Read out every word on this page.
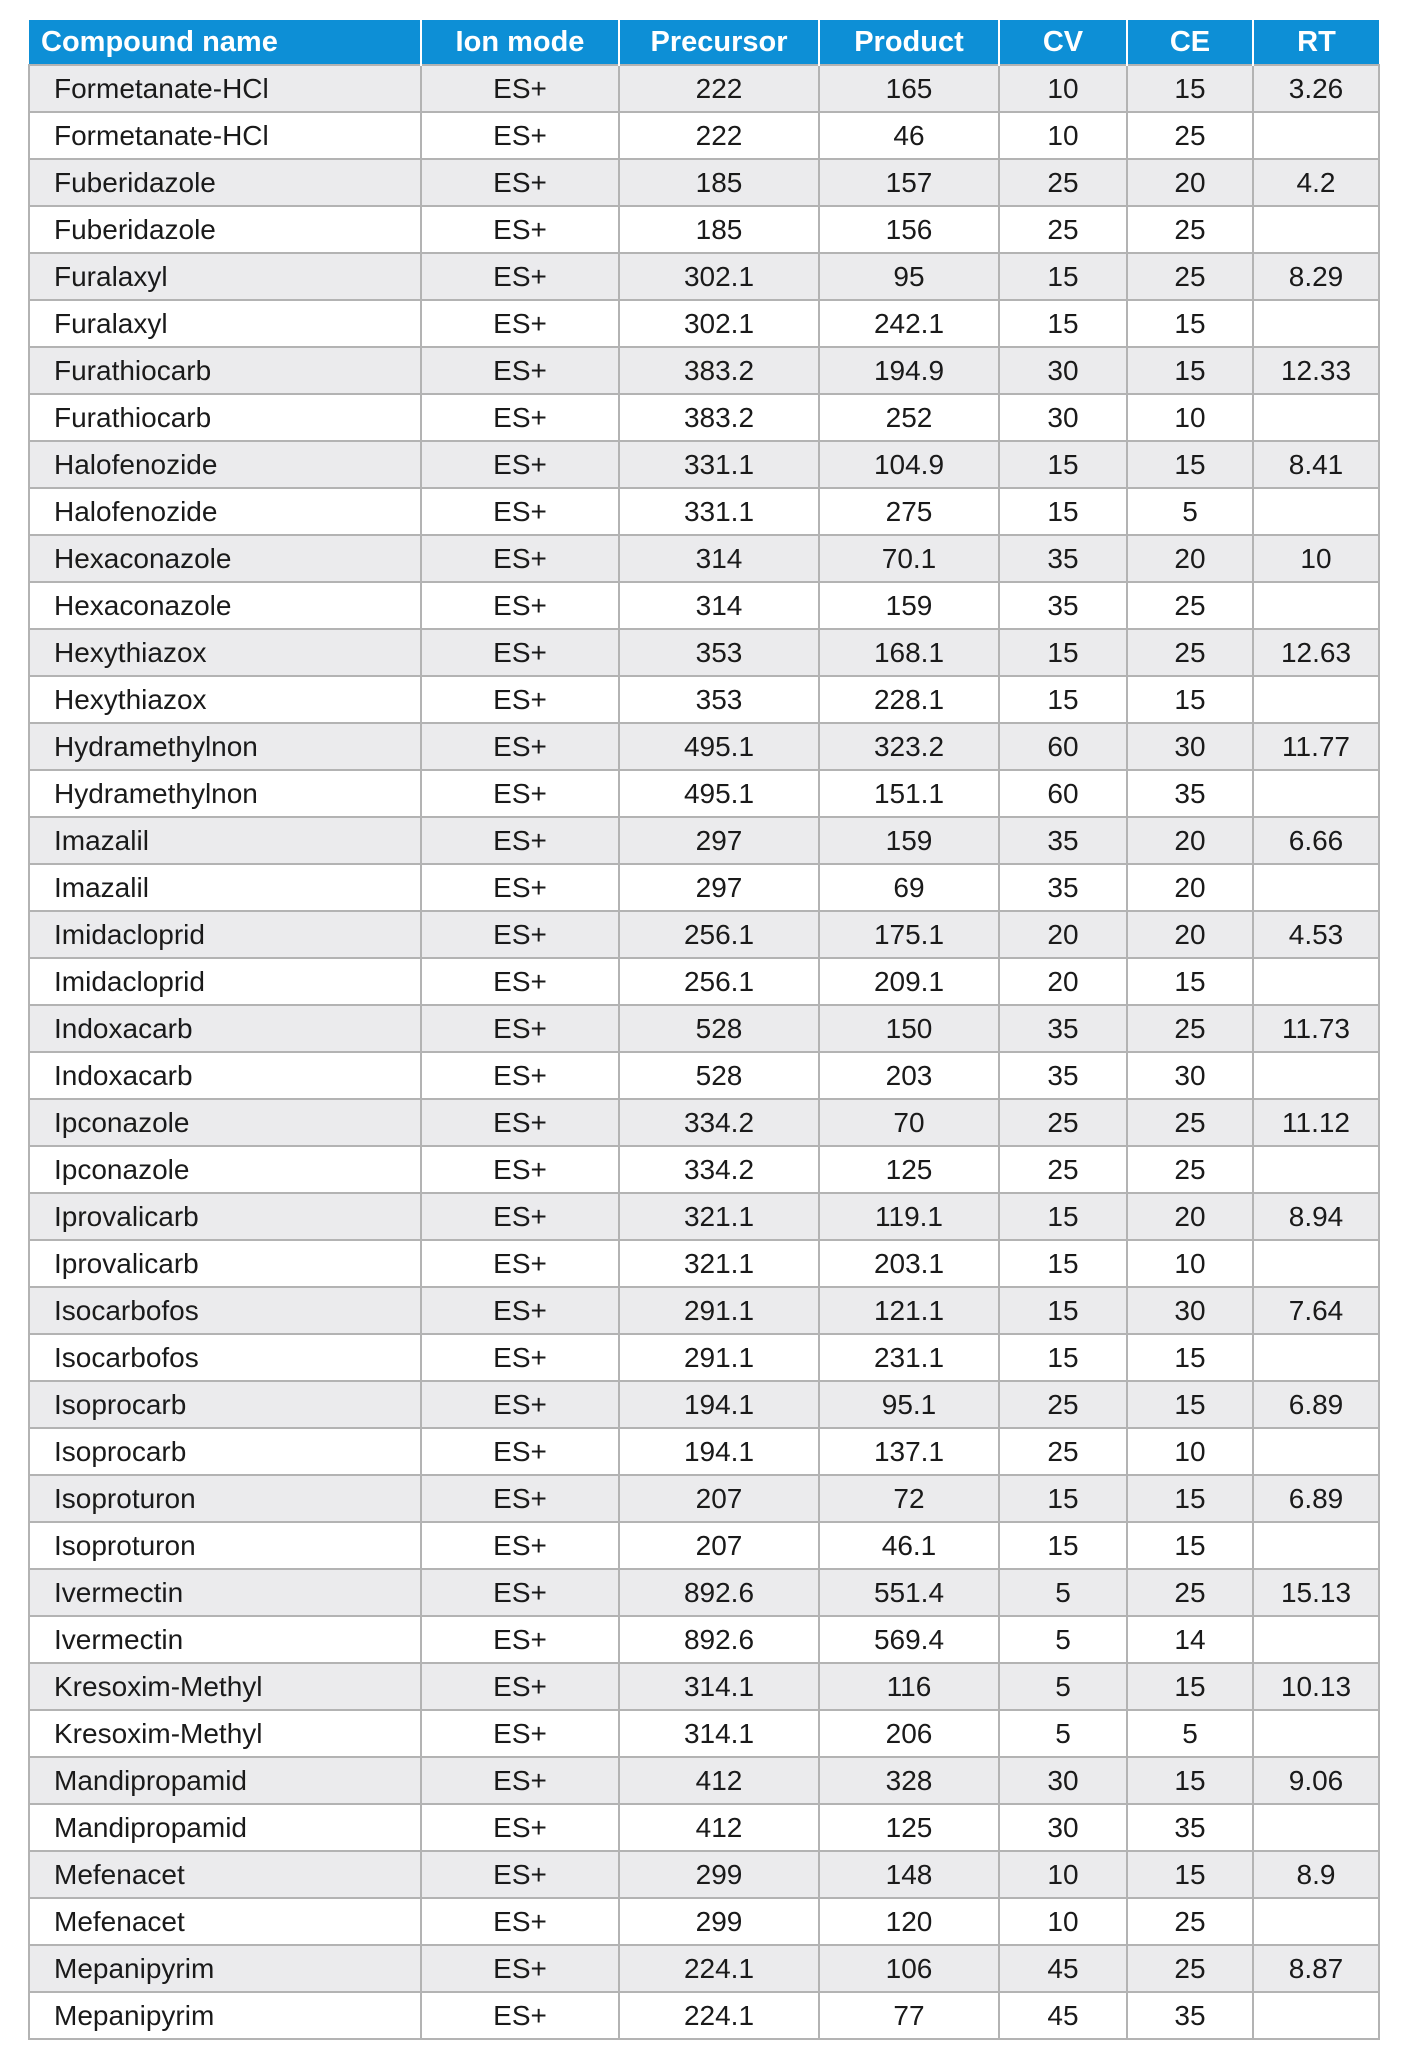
Compound name	Ion mode	Precursor	Product	CV	CE	RT
Formetanate-HCl	ES+	222	165	10	15	3.26
Formetanate-HCl	ES+	222	46	10	25	
Fuberidazole	ES+	185	157	25	20	4.2
Fuberidazole	ES+	185	156	25	25	
Furalaxyl	ES+	302.1	95	15	25	8.29
Furalaxyl	ES+	302.1	242.1	15	15	
Furathiocarb	ES+	383.2	194.9	30	15	12.33
Furathiocarb	ES+	383.2	252	30	10	
Halofenozide	ES+	331.1	104.9	15	15	8.41
Halofenozide	ES+	331.1	275	15	5	
Hexaconazole	ES+	314	70.1	35	20	10
Hexaconazole	ES+	314	159	35	25	
Hexythiazox	ES+	353	168.1	15	25	12.63
Hexythiazox	ES+	353	228.1	15	15	
Hydramethylnon	ES+	495.1	323.2	60	30	11.77
Hydramethylnon	ES+	495.1	151.1	60	35	
Imazalil	ES+	297	159	35	20	6.66
Imazalil	ES+	297	69	35	20	
Imidacloprid	ES+	256.1	175.1	20	20	4.53
Imidacloprid	ES+	256.1	209.1	20	15	
Indoxacarb	ES+	528	150	35	25	11.73
Indoxacarb	ES+	528	203	35	30	
Ipconazole	ES+	334.2	70	25	25	11.12
Ipconazole	ES+	334.2	125	25	25	
Iprovalicarb	ES+	321.1	119.1	15	20	8.94
Iprovalicarb	ES+	321.1	203.1	15	10	
Isocarbofos	ES+	291.1	121.1	15	30	7.64
Isocarbofos	ES+	291.1	231.1	15	15	
Isoprocarb	ES+	194.1	95.1	25	15	6.89
Isoprocarb	ES+	194.1	137.1	25	10	
Isoproturon	ES+	207	72	15	15	6.89
Isoproturon	ES+	207	46.1	15	15	
Ivermectin	ES+	892.6	551.4	5	25	15.13
Ivermectin	ES+	892.6	569.4	5	14	
Kresoxim-Methyl	ES+	314.1	116	5	15	10.13
Kresoxim-Methyl	ES+	314.1	206	5	5	
Mandipropamid	ES+	412	328	30	15	9.06
Mandipropamid	ES+	412	125	30	35	
Mefenacet	ES+	299	148	10	15	8.9
Mefenacet	ES+	299	120	10	25	
Mepanipyrim	ES+	224.1	106	45	25	8.87
Mepanipyrim	ES+	224.1	77	45	35	
